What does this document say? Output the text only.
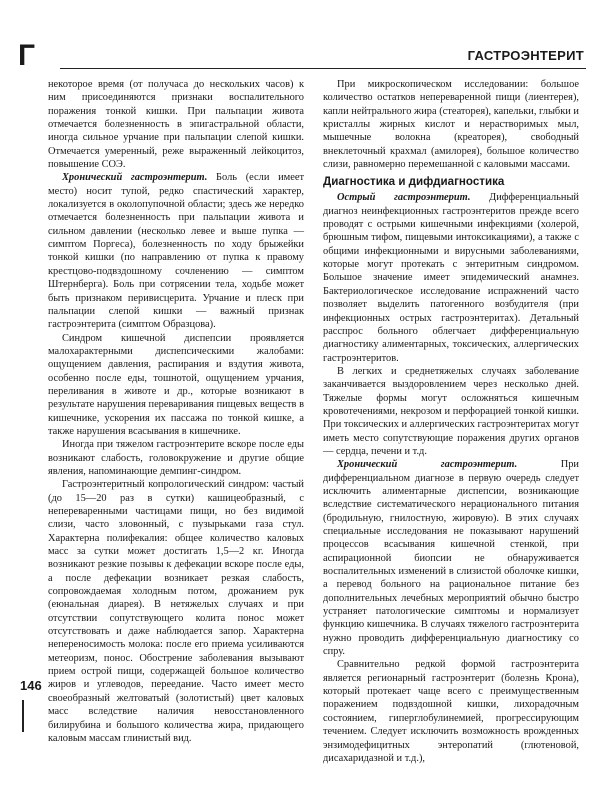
Г	ГАСТРОЭНТЕРИТ

некоторое время (от получаса до нескольких часов) к ним присоединяются признаки воспалительного поражения тонкой кишки. При пальпации живота отмечается болезненность в эпигастральной области, иногда сильное урчание при пальпации слепой кишки. Отмечается умеренный, реже выраженный лейкоцитоз, повышение СОЭ.

Хронический гастроэнтерит. Боль (если имеет место) носит тупой, редко спастический характер, локализуется в околопупочной области; здесь же нередко отмечается болезненность при пальпации живота и сильном давлении (несколько левее и выше пупка — симптом Поргеса), болезненность по ходу брыжейки тонкой кишки (по направлению от пупка к правому крестцово-подвздошному сочленению — симптом Штернберга). Боль при сотрясении тела, ходьбе может быть признаком перивисцерита. Урчание и плеск при пальпации слепой кишки — важный признак гастроэнтерита (симптом Образцова).

Синдром кишечной диспепсии проявляется малохарактерными диспепсическими жалобами: ощущением давления, распирания и вздутия живота, особенно после еды, тошнотой, ощущением урчания, переливания в животе и др., которые возникают в результате нарушения переваривания пищевых веществ в кишечнике, ускорения их пассажа по тонкой кишке, а также нарушения всасывания в кишечнике.

Иногда при тяжелом гастроэнтерите вскоре после еды возникают слабость, головокружение и другие общие явления, напоминающие демпинг-синдром.

Гастроэнтеритный копрологический синдром: частый (до 15—20 раз в сутки) кашицеобразный, с непереваренными частицами пищи, но без видимой слизи, часто зловонный, с пузырьками газа стул. Характерна полифекалия: общее количество каловых масс за сутки может достигать 1,5—2 кг. Иногда возникают резкие позывы к дефекации вскоре после еды, а после дефекации возникает резкая слабость, сопровождаемая холодным потом, дрожанием рук (еюнальная диарея). В нетяжелых случаях и при отсутствии сопутствующего колита понос может отсутствовать и даже наблюдается запор. Характерна непереносимость молока: после его приема усиливаются метеоризм, понос. Обострение заболевания вызывают прием острой пищи, содержащей большое количество жиров и углеводов, переедание. Часто имеет место своеобразный желтоватый (золотистый) цвет каловых масс вследствие наличия невосстановленного билирубина и большого количества жира, придающего каловым массам глинистый вид.

При микроскопическом исследовании: большое количество остатков непереваренной пищи (лиентерея), капли нейтрального жира (стеаторея), капельки, глыбки и кристаллы жирных кислот и нерастворимых мыл, мышечные волокна (креаторея), свободный внеклеточный крахмал (амилорея), большое количество слизи, равномерно перемешанной с каловыми массами.

Диагностика и дифдиагностика

Острый гастроэнтерит. Дифференциальный диагноз неинфекционных гастроэнтеритов прежде всего проводят с острыми кишечными инфекциями (холерой, брюшным тифом, пищевыми интоксикациями), а также с общими инфекционными и вирусными заболеваниями, которые могут протекать с энтеритным синдромом. Большое значение имеет эпидемический анамнез. Бактериологическое исследование испражнений часто позволяет выделить патогенного возбудителя (при инфекционных острых гастроэнтеритах). Детальный расспрос больного облегчает дифференциальную диагностику алиментарных, токсических, аллергических гастроэнтеритов.

В легких и среднетяжелых случаях заболевание заканчивается выздоровлением через несколько дней. Тяжелые формы могут осложняться кишечным кровотечениями, некрозом и перфорацией тонкой кишки. При токсических и аллергических гастроэнтеритах могут иметь место сопутствующие поражения других органов — сердца, печени и т.д.

Хронический гастроэнтерит. При дифференциальном диагнозе в первую очередь следует исключить алиментарные диспепсии, возникающие вследствие систематического нерационального питания (бродильную, гнилостную, жировую). В этих случаях специальные исследования не показывают нарушений процессов всасывания кишечной стенкой, при аспирационной биопсии не обнаруживается воспалительных изменений в слизистой оболочке кишки, а перевод больного на рациональное питание без дополнительных лечебных мероприятий обычно быстро устраняет патологические симптомы и нормализует функцию кишечника. В случаях тяжелого гастроэнтерита нужно проводить дифференциальную диагностику со спру.

Сравнительно редкой формой гастроэнтерита является регионарный гастроэнтерит (болезнь Крона), который протекает чаще всего с преимущественным поражением подвздошной кишки, лихорадочным состоянием, гиперглобулинемией, прогрессирующим течением. Следует исключить возможность врожденных энзимодефицитных энтеропатий (глютеновой, дисахаридазной и т.д.),

146
